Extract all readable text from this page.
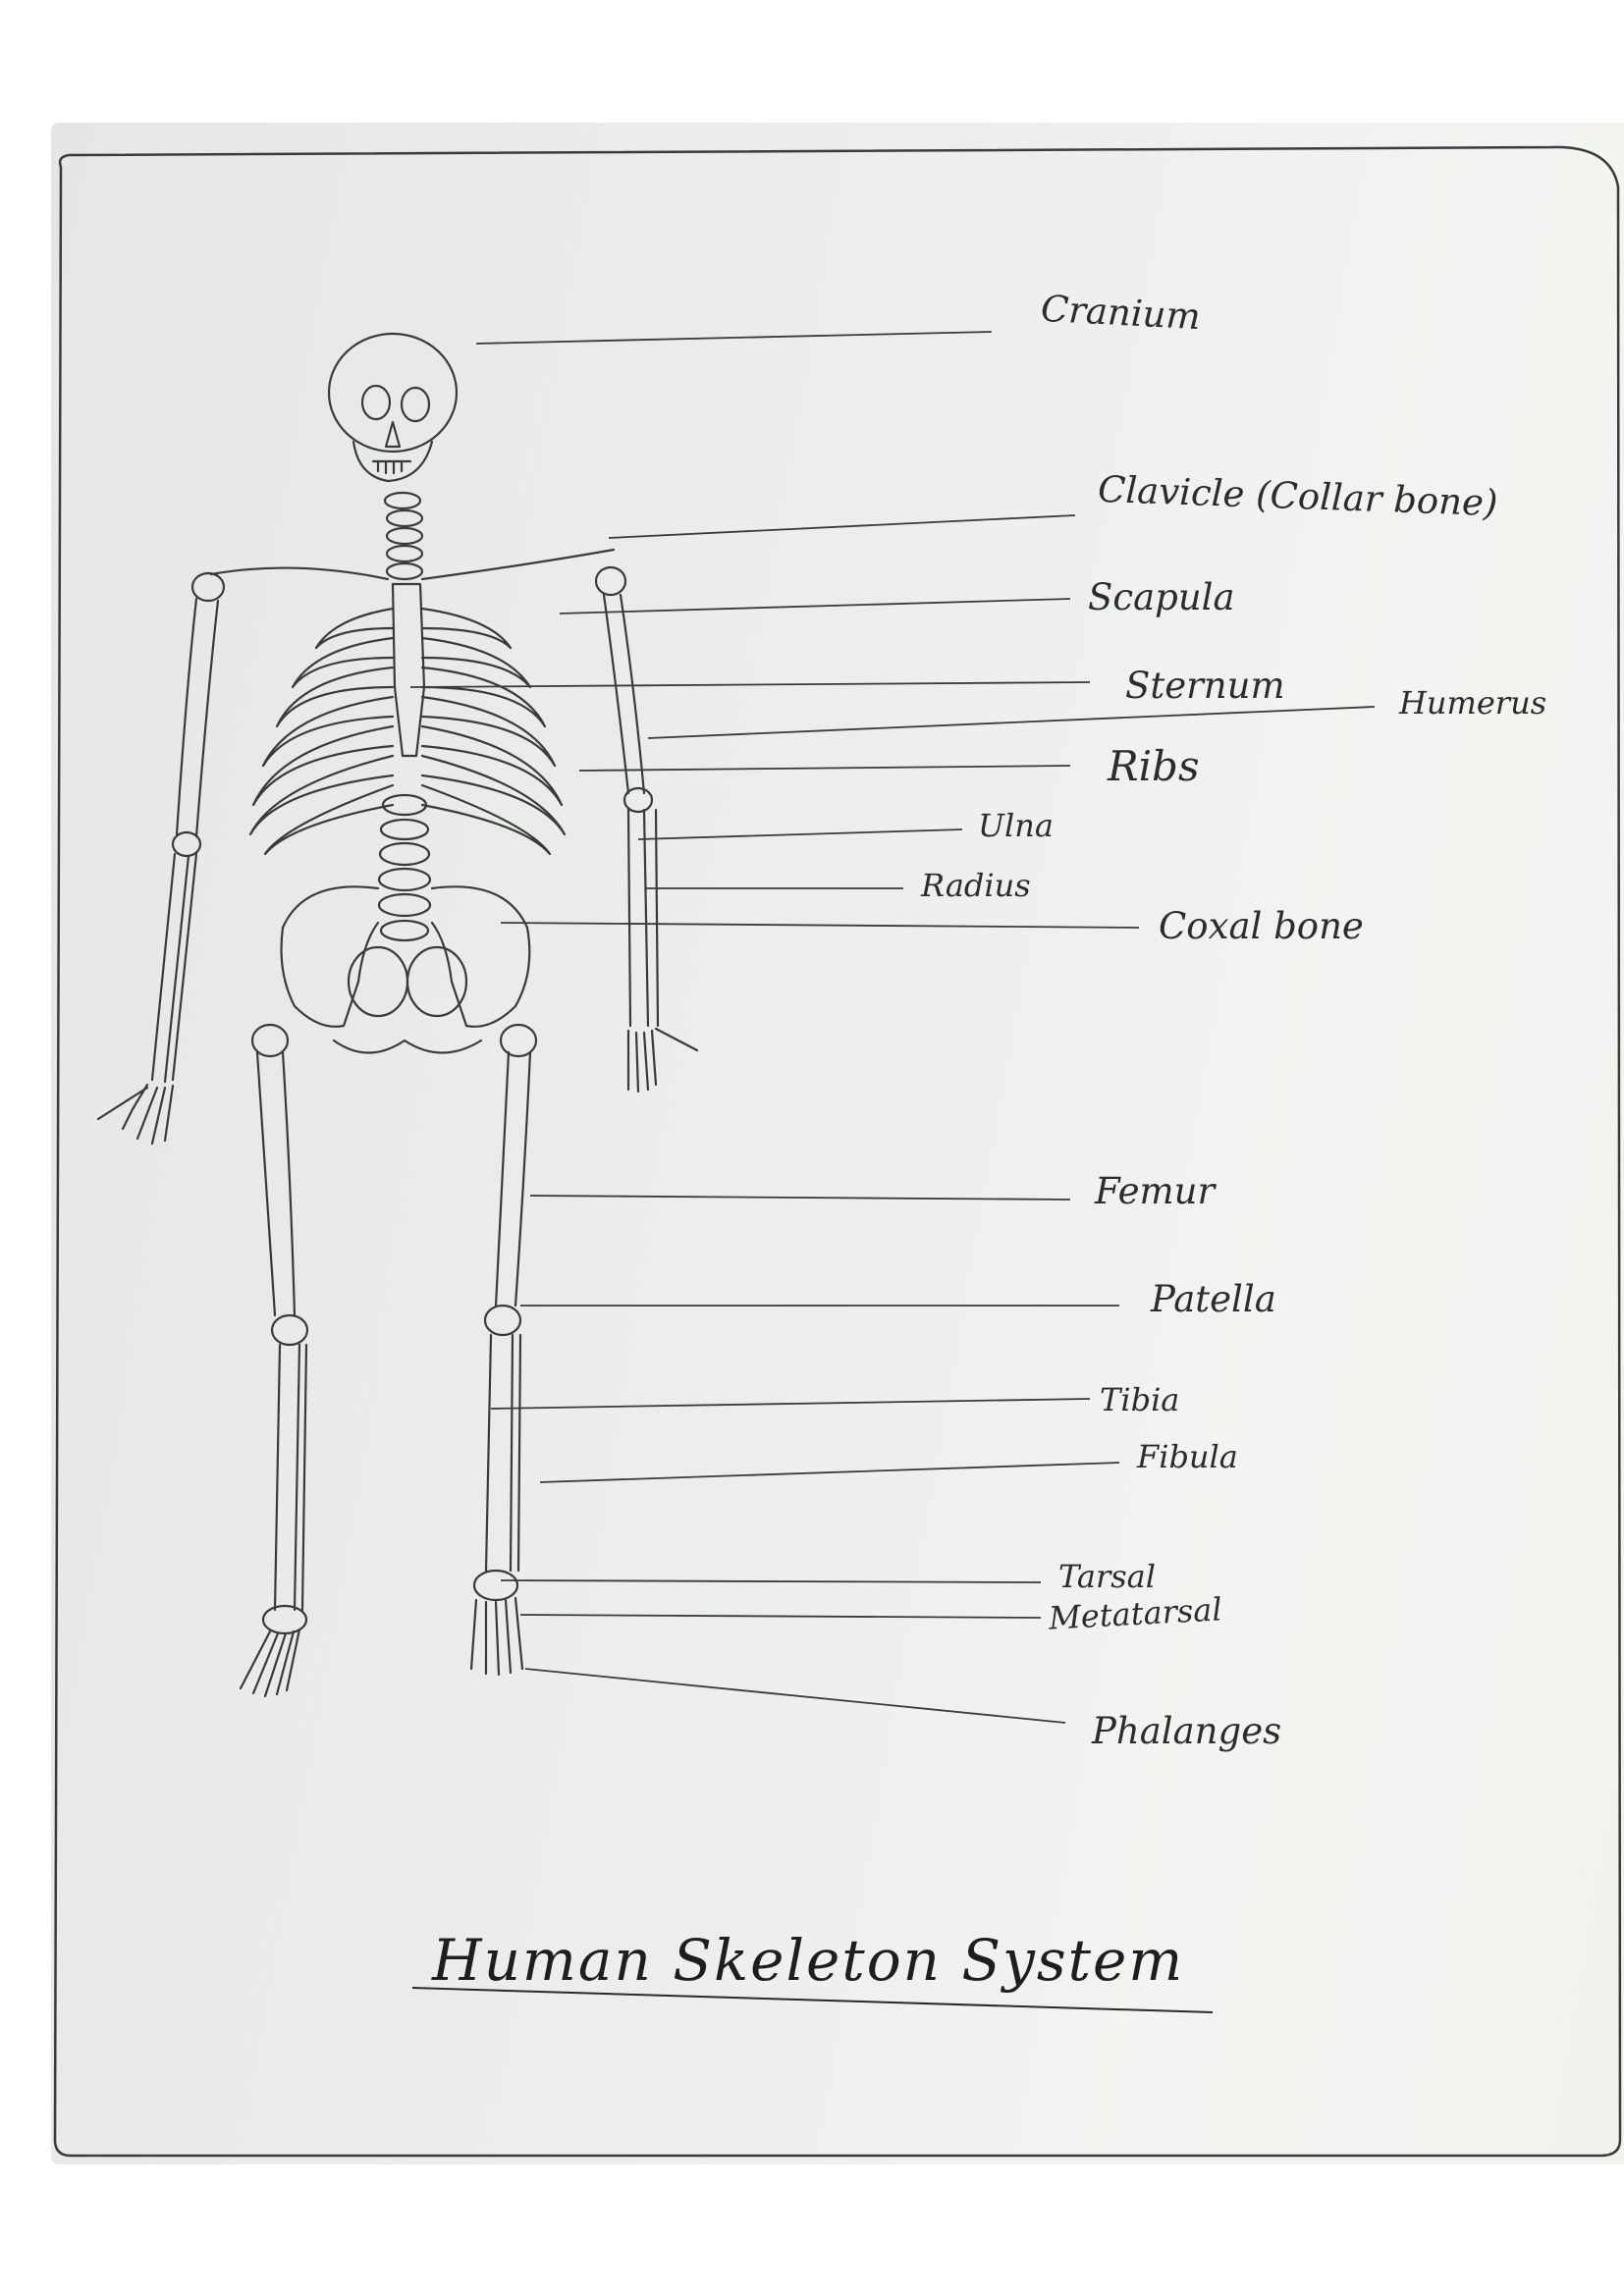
Cranium
Clavicle (Collar bone)
Scapula
Sternum	Humerus
Ribs
Ulna
Radius
Coxal bone
Femur
Patella
Tibia
Fibula
Tarsal
Metatarsal
Phalanges
Human Skeleton System
